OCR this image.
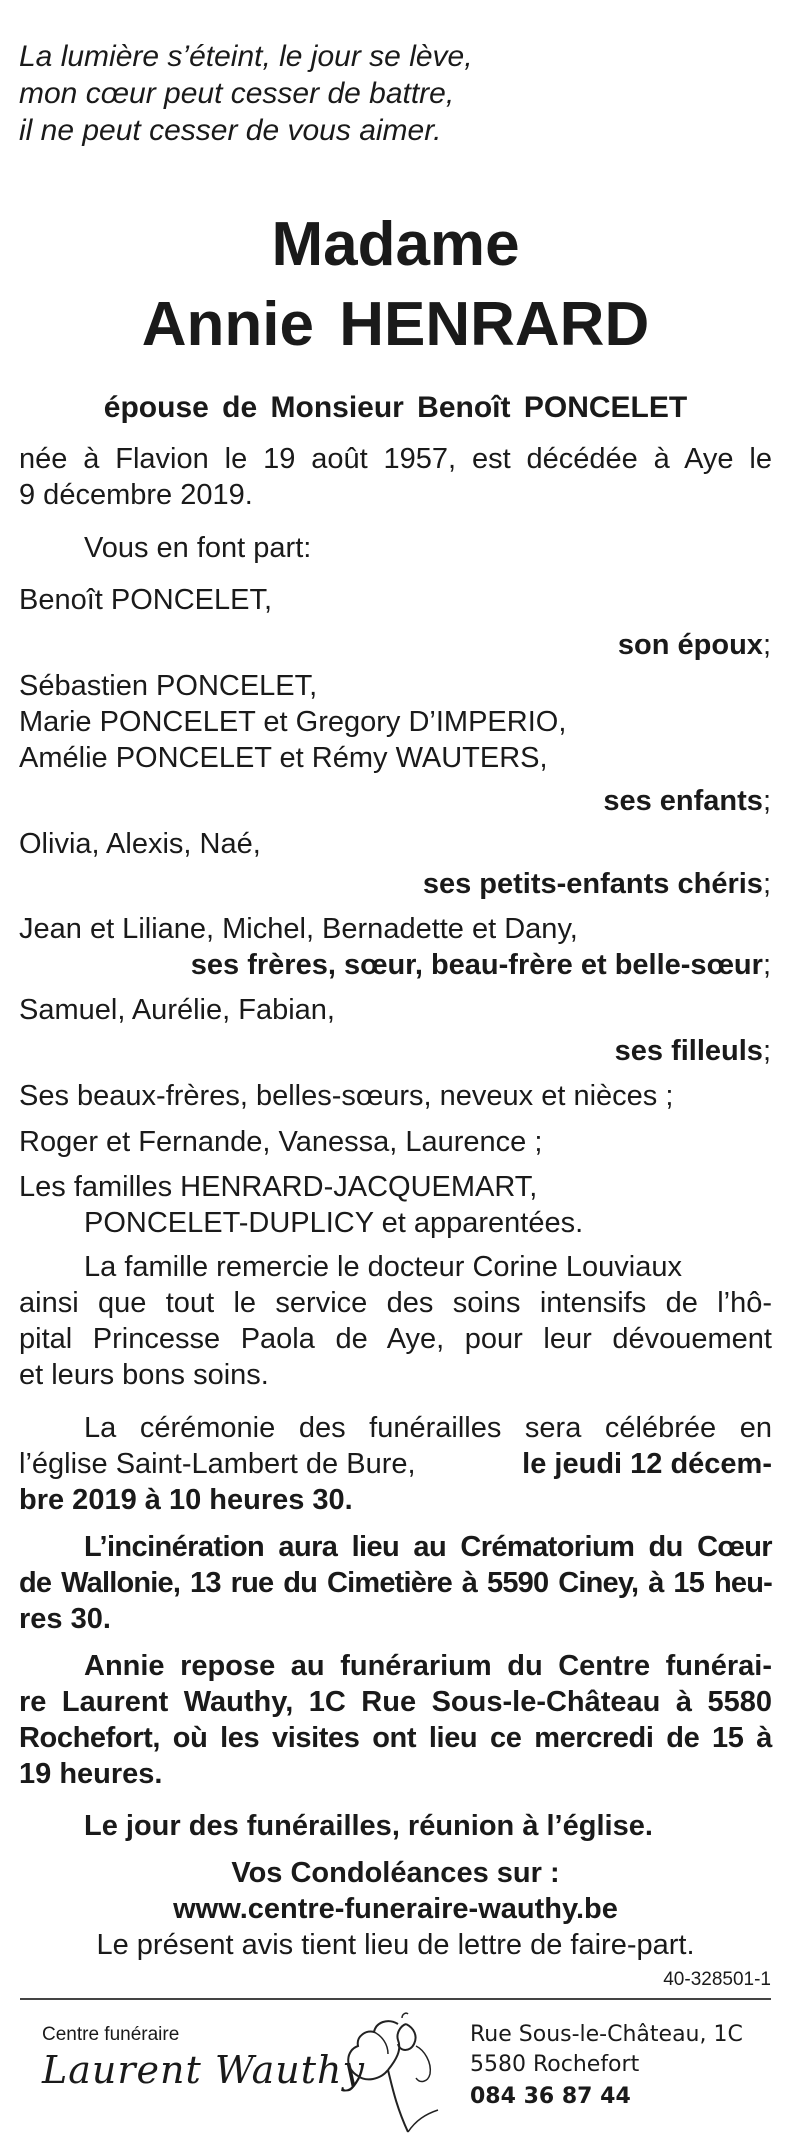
La lumière s’éteint, le jour se lève,
mon cœur peut cesser de battre,
il ne peut cesser de vous aimer.
Madame
Annie HENRARD
épouse de Monsieur Benoît PONCELET
née à Flavion le 19 août 1957, est décédée à Aye le
9 décembre 2019.
Vous en font part:
Benoît PONCELET,
son époux;
Sébastien PONCELET,
Marie PONCELET et Gregory D’IMPERIO,
Amélie PONCELET et Rémy WAUTERS,
ses enfants;
Olivia, Alexis, Naé,
ses petits-enfants chéris;
Jean et Liliane, Michel, Bernadette et Dany,
ses frères, sœur, beau-frère et belle-sœur;
Samuel, Aurélie, Fabian,
ses filleuls;
Ses beaux-frères, belles-sœurs, neveux et nièces ;
Roger et Fernande, Vanessa, Laurence ;
Les familles HENRARD-JACQUEMART,
PONCELET-DUPLICY et apparentées.
La famille remercie le docteur Corine Louviaux
ainsi que tout le service des soins intensifs de l’hô-
pital Princesse Paola de Aye, pour leur dévouement
et leurs bons soins.
La cérémonie des funérailles sera célébrée en
l’église Saint-Lambert de Bure,	le jeudi 12 décem-
bre 2019 à 10 heures 30.
L’incinération aura lieu au Crématorium du Cœur
de Wallonie, 13 rue du Cimetière à 5590 Ciney, à 15 heu-
res 30.
Annie repose au funérarium du Centre funérai-
re Laurent Wauthy, 1C Rue Sous-le-Château à 5580
Rochefort, où les visites ont lieu ce mercredi de 15 à
19 heures.
Le jour des funérailles, réunion à l’église.
Vos Condoléances sur :
www.centre-funeraire-wauthy.be
Le présent avis tient lieu de lettre de faire-part.
40-328501-1
Centre funéraire
Laurent Wauthy
Rue Sous-le-Château, 1C
5580 Rochefort
084 36 87 44
